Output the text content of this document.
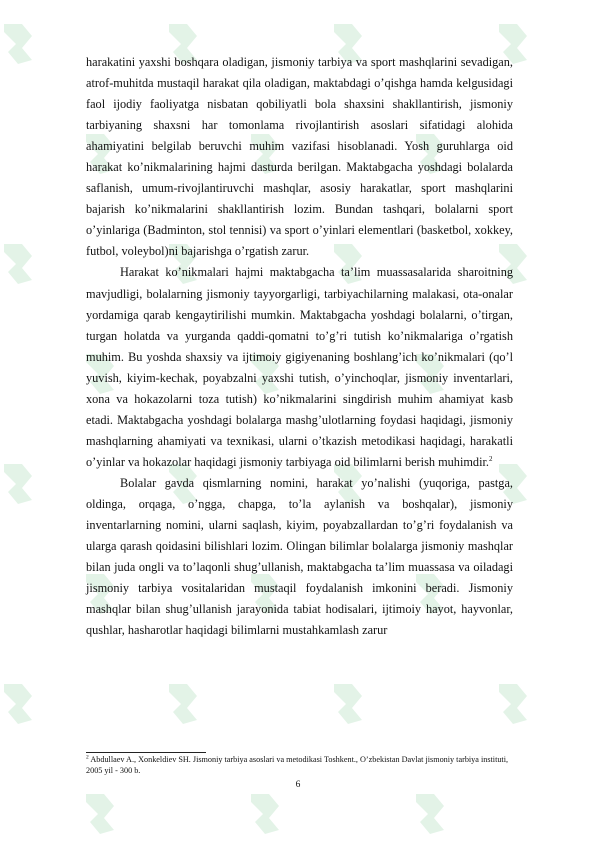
harakatini yaxshi boshqara oladigan, jismoniy tarbiya va sport mashqlarini sevadigan, atrof-muhitda mustaqil harakat qila oladigan, maktabdagi o’qishga hamda kelgusidagi faol ijodiy faoliyatga nisbatan qobiliyatli bola shaxsini shakllantirish, jismoniy tarbiyaning shaxsni har tomonlama rivojlantirish asoslari sifatidagi alohida ahamiyatini belgilab beruvchi muhim vazifasi hisoblanadi. Yosh guruhlarga oid harakat ko’nikmalarining hajmi dasturda berilgan. Maktabgacha yoshdagi bolalarda saflanish, umum-rivojlantiruvchi mashqlar, asosiy harakatlar, sport mashqlarini bajarish ko’nikmalarini shakllantirish lozim. Bundan tashqari, bolalarni sport o’yinlariga (Badminton, stol tennisi) va sport o’yinlari elementlari (basketbol, xokkey, futbol, voleybol)ni bajarishga o’rgatish zarur.

Harakat ko’nikmalari hajmi maktabgacha ta’lim muassasalarida sharoitning mavjudligi, bolalarning jismoniy tayyorgarligi, tarbiyachilarning malakasi, ota-onalar yordamiga qarab kengaytirilishi mumkin. Maktabgacha yoshdagi bolalarni, o’tirgan, turgan holatda va yurganda qaddi-qomatni to’g’ri tutish ko’nikmalariga o’rgatish muhim. Bu yoshda shaxsiy va ijtimoiy gigiyenaning boshlang’ich ko’nikmalari (qo’l yuvish, kiyim-kechak, poyabzalni yaxshi tutish, o’yinchoqlar, jismoniy inventarlari, xona va hokazolarni toza tutish) ko’nikmalarini singdirish muhim ahamiyat kasb etadi. Maktabgacha yoshdagi bolalarga mashg’ulotlarning foydasi haqidagi, jismoniy mashqlarning ahamiyati va texnikasi, ularni o’tkazish metodikasi haqidagi, harakatli o’yinlar va hokazolar haqidagi jismoniy tarbiyaga oid bilimlarni berish muhimdir.$^2$

Bolalar gavda qismlarning nomini, harakat yo’nalishi (yuqoriga, pastga, oldinga, orqaga, o’ngga, chapga, to’la aylanish va boshqalar), jismoniy inventarlarning nomini, ularni saqlash, kiyim, poyabzallardan to’g’ri foydalanish va ularga qarash qoidasini bilishlari lozim. Olingan bilimlar bolalarga jismoniy mashqlar bilan juda ongli va to’laqonli shug’ullanish, maktabgacha ta’lim muassasa va oiladagi jismoniy tarbiya vositalaridan mustaqil foydalanish imkonini beradi. Jismoniy mashqlar bilan shug’ullanish jarayonida tabiat hodisalari, ijtimoiy hayot, hayvonlar, qushlar, hasharotlar haqidagi bilimlarni mustahkamlash zarur

$^2$ Abdullaev A., Xonkeldiev SH. Jismoniy tarbiya asoslari va metodikasi Toshkent., O’zbekistan Davlat jismoniy tarbiya instituti, 2005 yil - 300 b.
6
